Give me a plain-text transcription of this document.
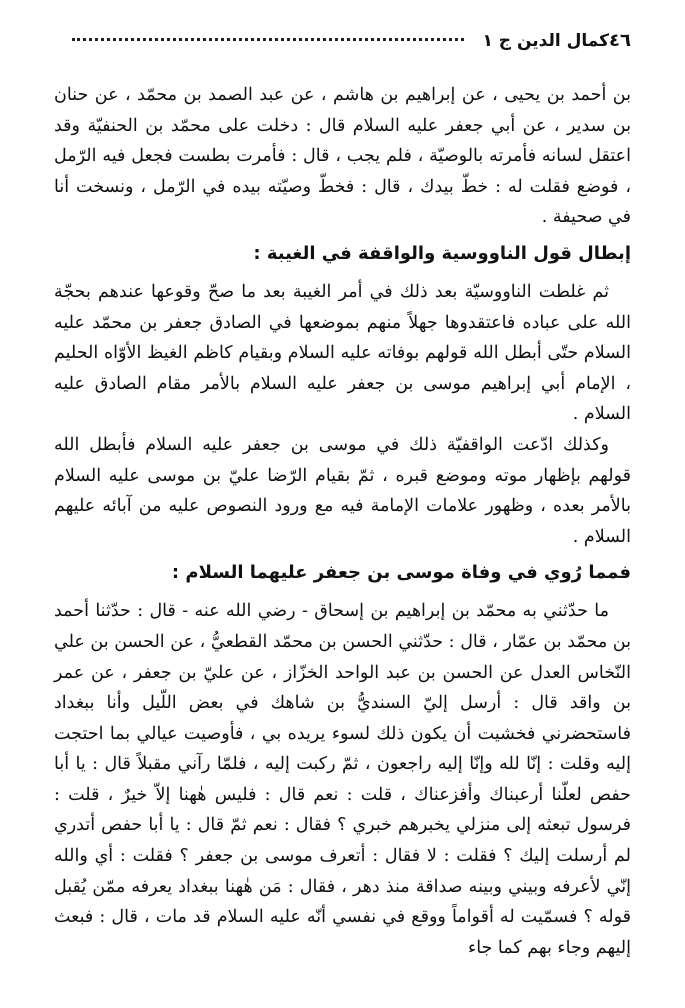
٤٦
كمال الدين ج ١

بن أحمد بن يحيى ، عن إبراهيم بن هاشم ، عن عبد الصمد بن محمّد ، عن حنان بن سدير ، عن أبي جعفر عليه السلام قال : دخلت على محمّد بن الحنفيّة وقد اعتقل لسانه فأمرته بالوصيّة ، فلم يجب ، قال : فأمرت بطست فجعل فيه الرّمل ، فوضع فقلت له : خطّ بيدك ، قال : فخطّ وصيّته بيده في الرّمل ، ونسخت أنا في صحيفة .

إبطال قول الناووسية والواقفة في الغيبة :

ثم غلطت الناووسيّة بعد ذلك في أمر الغيبة بعد ما صحّ وقوعها عندهم بحجّة الله على عباده فاعتقدوها جهلاً منهم بموضعها في الصادق جعفر بن محمّد عليه السلام حتّى أبطل الله قولهم بوفاته عليه السلام وبقيام كاظم الغيظ الأوّاه الحليم ، الإمام أبي إبراهيم موسى بن جعفر عليه السلام بالأمر مقام الصادق عليه السلام .

وكذلك ادّعت الواقفيّة ذلك في موسى بن جعفر عليه السلام فأبطل الله قولهم بإظهار موته وموضع قبره ، ثمّ بقيام الرّضا عليّ بن موسى عليه السلام بالأمر بعده ، وظهور علامات الإمامة فيه مع ورود النصوص عليه من آبائه عليهم السلام .

فمما رُوي في وفاة موسى بن جعفر عليهما السلام :

ما حدّثني به محمّد بن إبراهيم بن إسحاق - رضي الله عنه - قال : حدّثنا أحمد بن محمّد بن عمّار ، قال : حدّثني الحسن بن محمّد القطعيُّ ، عن الحسن بن علي النّخاس العدل عن الحسن بن عبد الواحد الخزّاز ، عن عليّ بن جعفر ، عن عمر بن واقد قال : أرسل إليّ السنديُّ بن شاهك في بعض اللّيل وأنا ببغداد فاستحضرني فخشيت أن يكون ذلك لسوء يريده بي ، فأوصيت عيالي بما احتجت إليه وقلت : إنّا لله وإنّا إليه راجعون ، ثمّ ركبت إليه ، فلمّا رآني مقبلاً قال : يا أبا حفص لعلّنا أرعبناك وأفزعناك ، قلت : نعم قال : فليس هٰهنا إلاّ خيرٌ ، قلت : فرسول تبعثه إلى منزلي يخبرهم خبري ؟ فقال : نعم ثمّ قال : يا أبا حفص أتدري لم أرسلت إليك ؟ فقلت : لا فقال : أتعرف موسى بن جعفر ؟ فقلت : أي والله إنّي لأعرفه وبيني وبينه صداقة منذ دهر ، فقال : مَن هٰهنا ببغداد يعرفه ممّن يُقبل قوله ؟ فسمّيت له أقواماً ووقع في نفسي أنّه عليه السلام قد مات ، قال : فبعث إليهم وجاء بهم كما جاء
